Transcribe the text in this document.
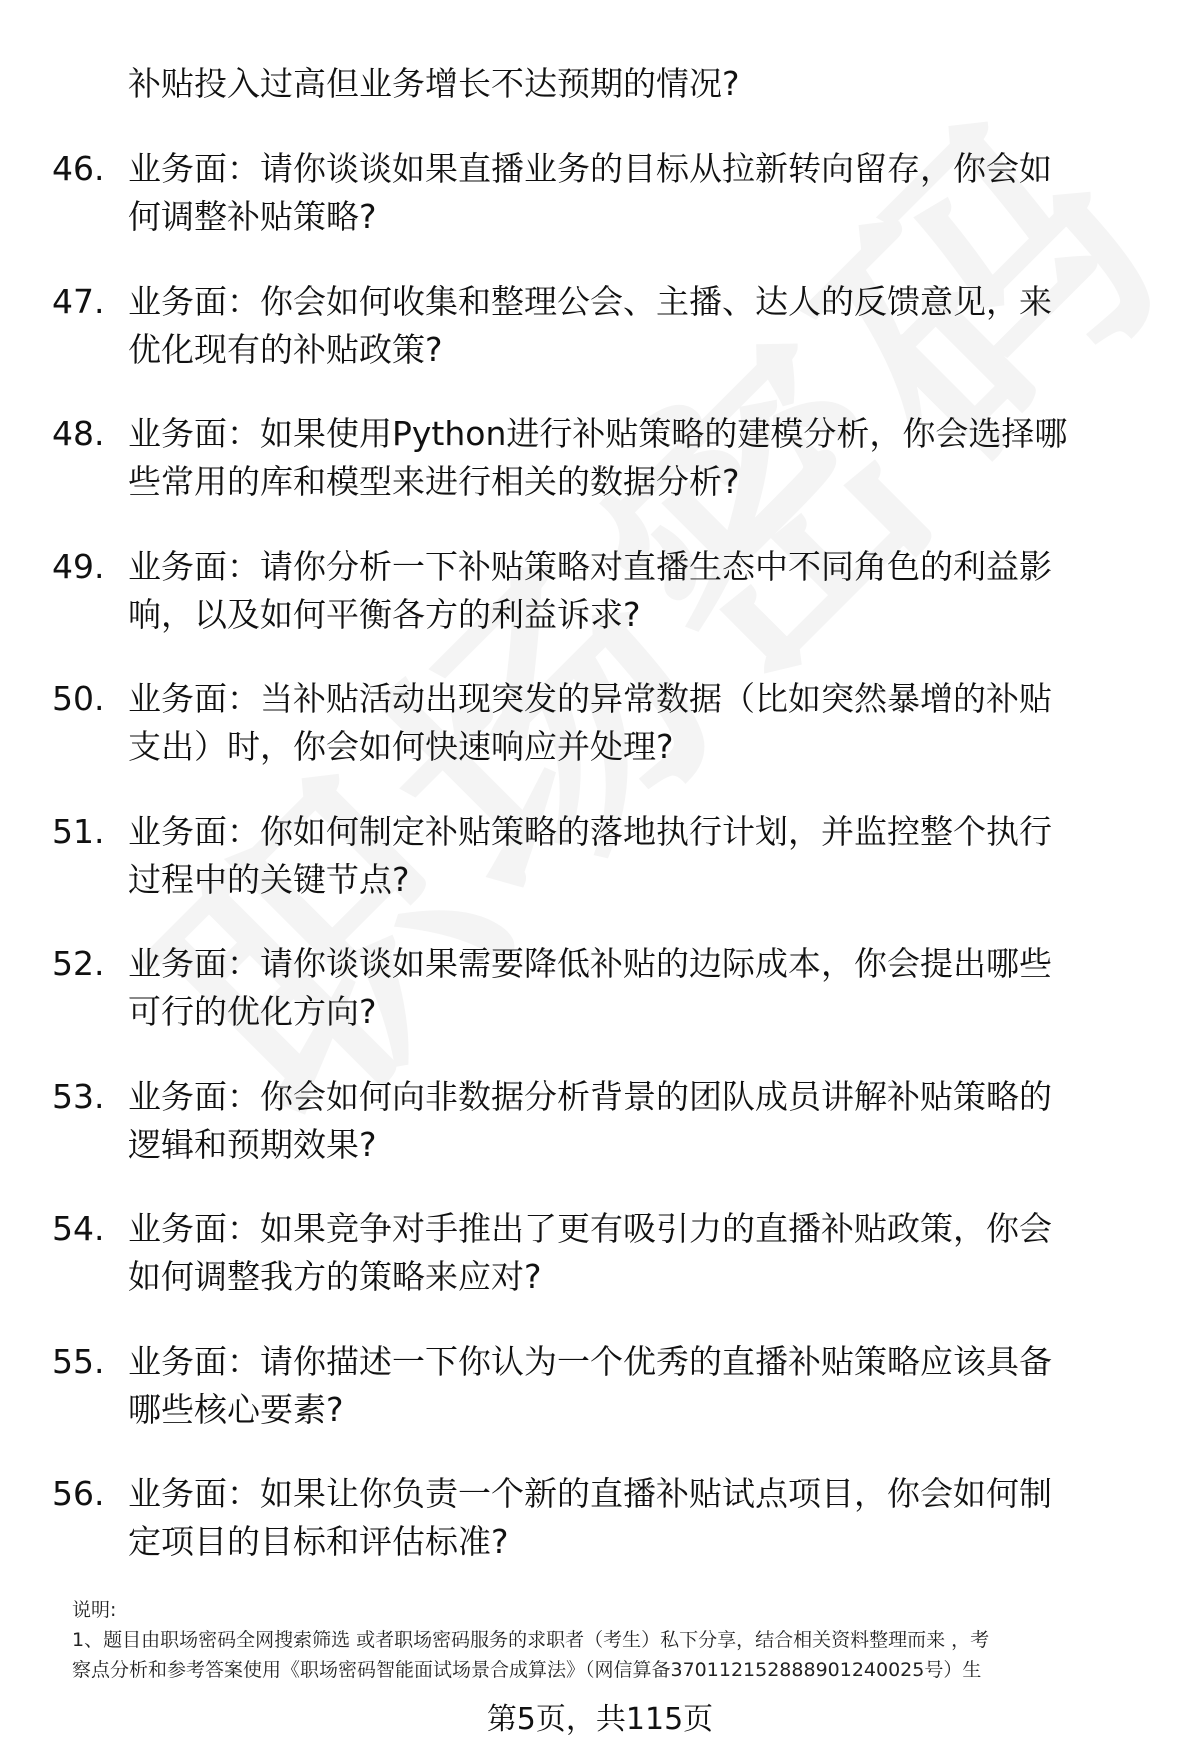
补贴投入过高但业务增长不达预期的情况?
46. 业务面：请你谈谈如果直播业务的目标从拉新转向留存，你会如
何调整补贴策略?
47. 业务面：你会如何收集和整理公会、主播、达人的反馈意见，来
优化现有的补贴政策?
48. 业务面：如果使用Python进行补贴策略的建模分析，你会选择哪
些常用的库和模型来进行相关的数据分析?
49. 业务面：请你分析一下补贴策略对直播生态中不同角色的利益影
响，以及如何平衡各方的利益诉求?
50. 业务面：当补贴活动出现突发的异常数据（比如突然暴增的补贴
支出）时，你会如何快速响应并处理?
51. 业务面：你如何制定补贴策略的落地执行计划，并监控整个执行
过程中的关键节点?
52. 业务面：请你谈谈如果需要降低补贴的边际成本，你会提出哪些
可行的优化方向?
53. 业务面：你会如何向非数据分析背景的团队成员讲解补贴策略的
逻辑和预期效果?
54. 业务面：如果竞争对手推出了更有吸引力的直播补贴政策，你会
如何调整我方的策略来应对?
55. 业务面：请你描述一下你认为一个优秀的直播补贴策略应该具备
哪些核心要素?
56. 业务面：如果让你负责一个新的直播补贴试点项目，你会如何制
定项目的目标和评估标准?
说明:
1、题目由职场密码全网搜索筛选 或者职场密码服务的求职者（考生）私下分享，结合相关资料整理而来 ，考
察点分析和参考答案使用《职场密码智能面试场景合成算法》（网信算备370112152888901240025号）生
第5页，共115页
